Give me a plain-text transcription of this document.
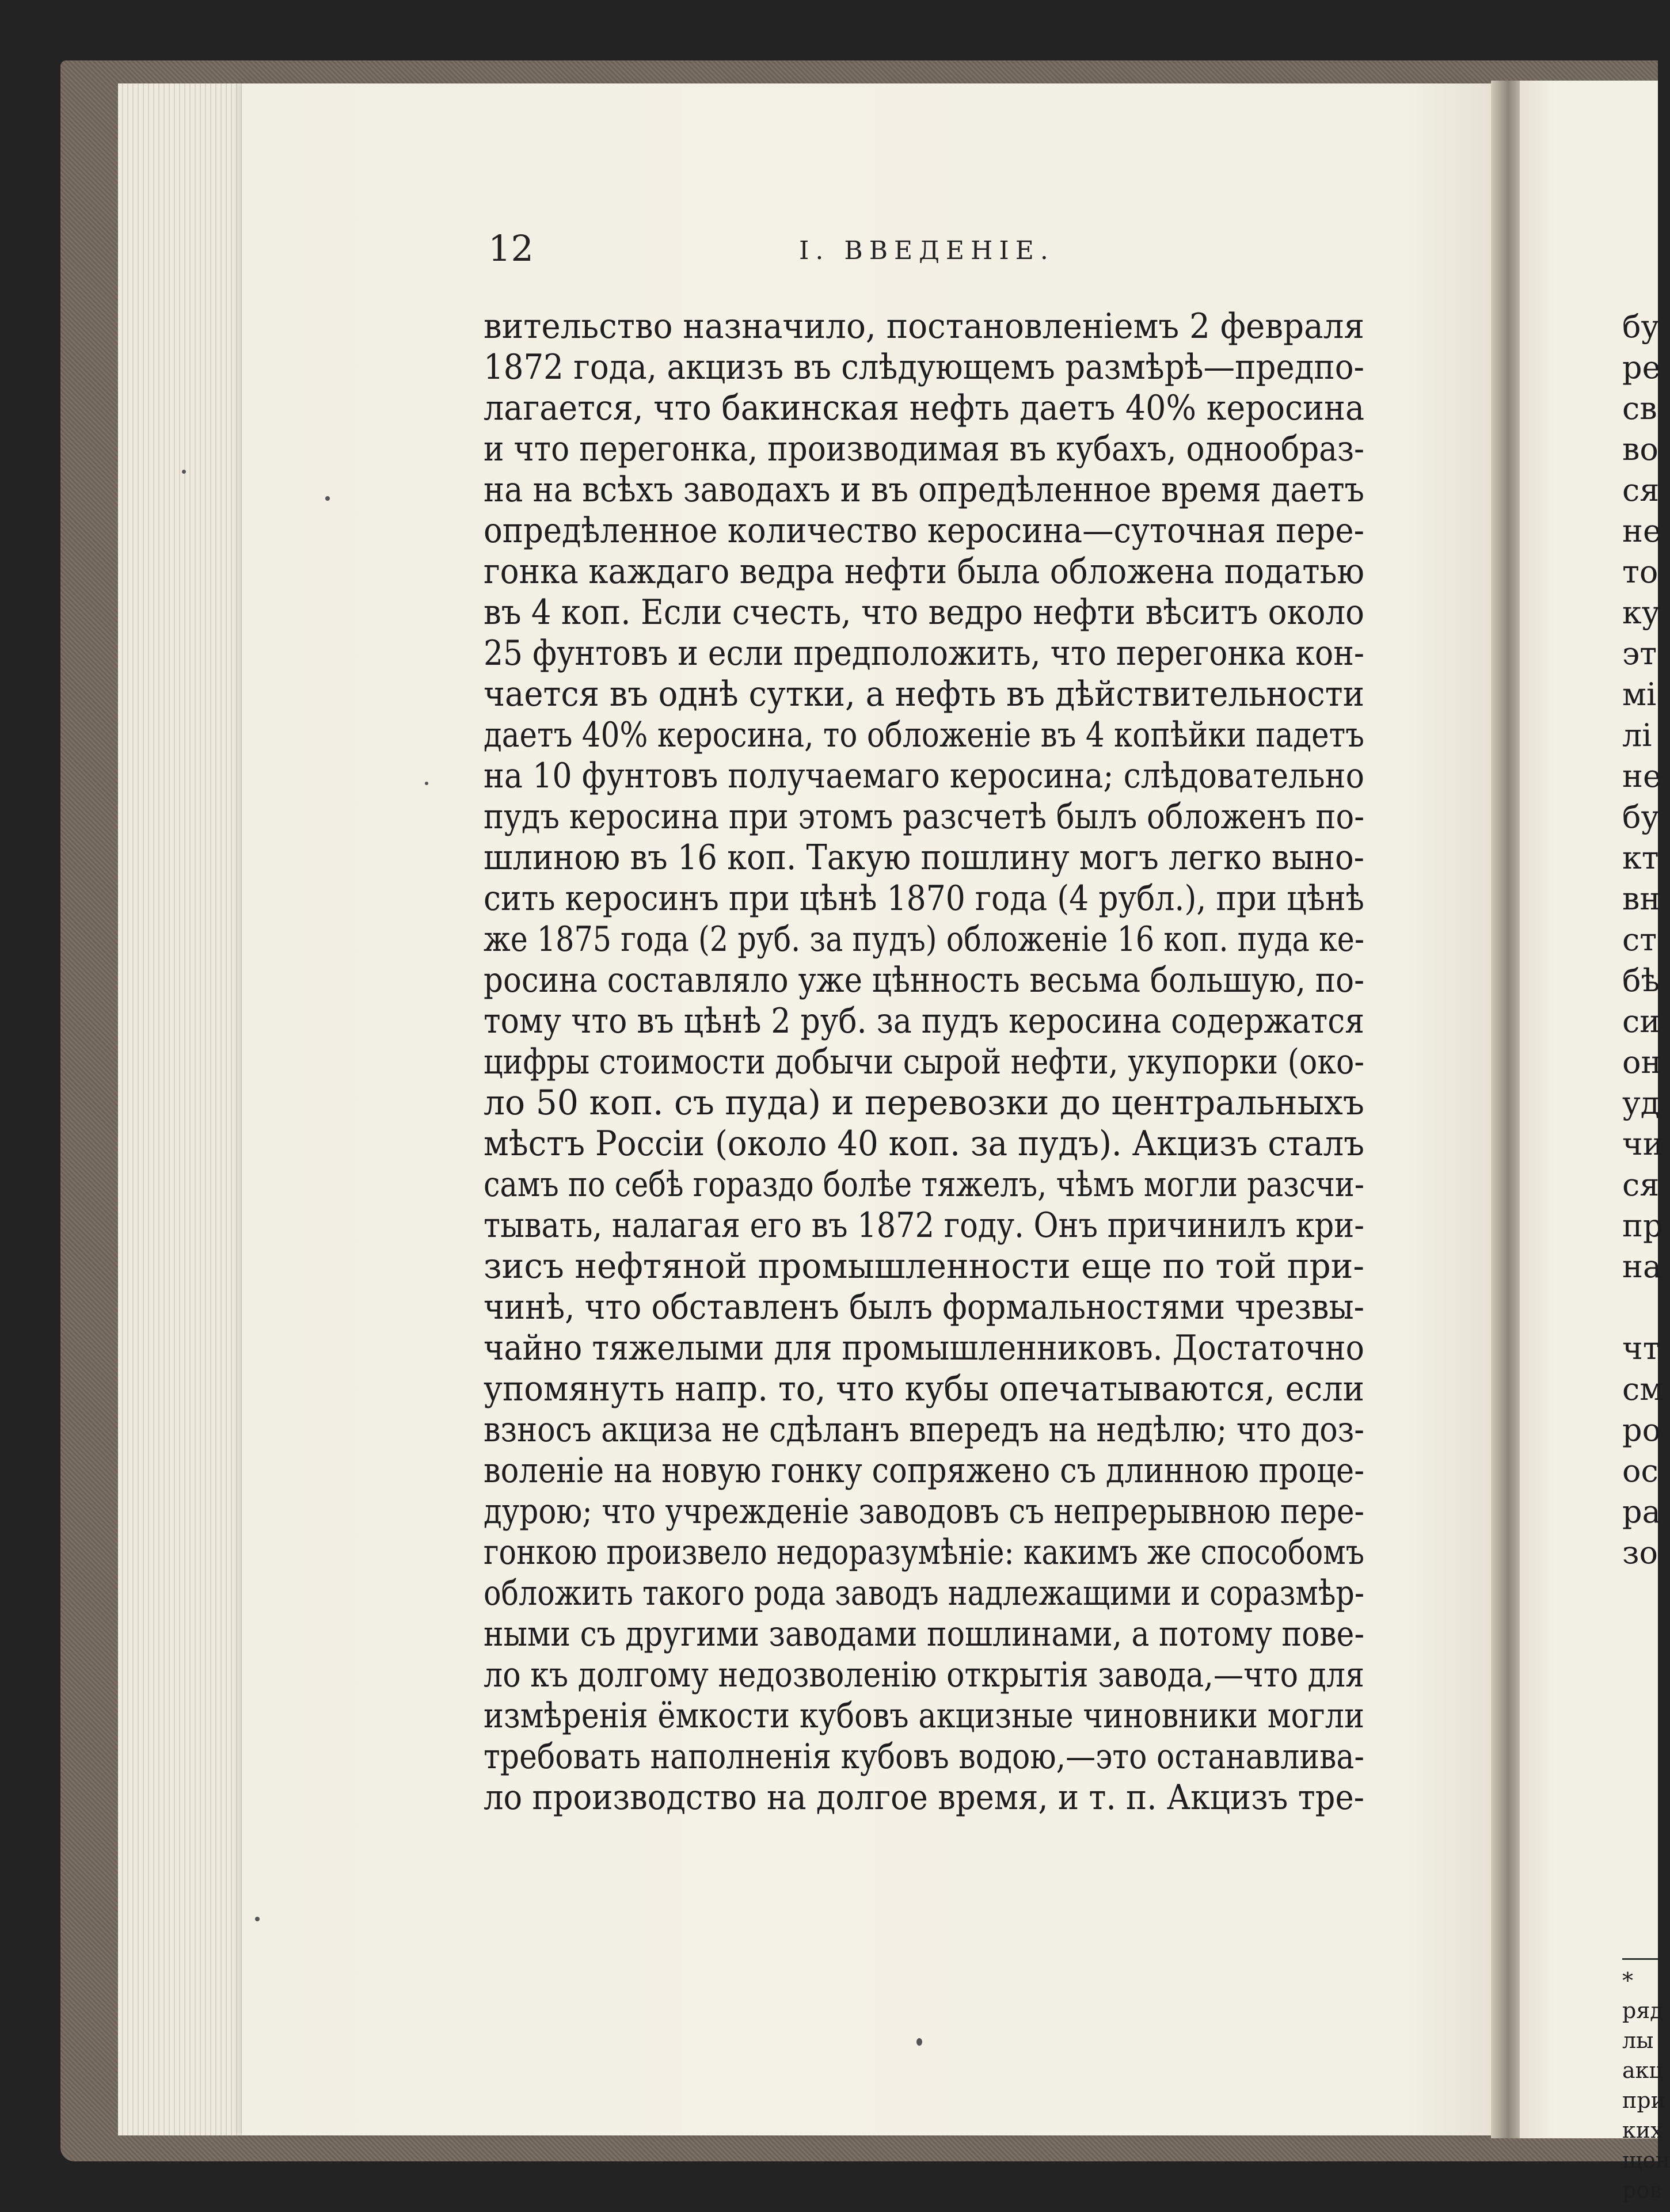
12	I. ВВЕДЕНІЕ.
вительство назначило, постановленіемъ 2 февраля
1872 года, акцизъ въ слѣдующемъ размѣрѣ—предпо-
лагается, что бакинская нефть даетъ 40% керосина
и что перегонка, производимая въ кубахъ, однообраз-
на на всѣхъ заводахъ и въ опредѣленное время даетъ
опредѣленное количество керосина—суточная пере-
гонка каждаго ведра нефти была обложена податью
въ 4 коп. Если счесть, что ведро нефти вѣситъ около
25 фунтовъ и если предположить, что перегонка кон-
чается въ однѣ сутки, а нефть въ дѣйствительности
даетъ 40% керосина, то обложеніе въ 4 копѣйки падетъ
на 10 фунтовъ получаемаго керосина; слѣдовательно
пудъ керосина при этомъ разсчетѣ былъ обложенъ по-
шлиною въ 16 коп. Такую пошлину могъ легко выно-
сить керосинъ при цѣнѣ 1870 года (4 рубл.), при цѣнѣ
же 1875 года (2 руб. за пудъ) обложеніе 16 коп. пуда ке-
росина составляло уже цѣнность весьма большую, по-
тому что въ цѣнѣ 2 руб. за пудъ керосина содержатся
цифры стоимости добычи сырой нефти, укупорки (око-
ло 50 коп. съ пуда) и перевозки до центральныхъ
мѣстъ Россіи (около 40 коп. за пудъ). Акцизъ сталъ
самъ по себѣ гораздо болѣе тяжелъ, чѣмъ могли разсчи-
тывать, налагая его въ 1872 году. Онъ причинилъ кри-
зисъ нефтяной промышленности еще по той при-
чинѣ, что обставленъ былъ формальностями чрезвы-
чайно тяжелыми для промышленниковъ. Достаточно
упомянуть напр. то, что кубы опечатываются, если
взносъ акциза не сдѣланъ впередъ на недѣлю; что доз-
воленіе на новую гонку сопряжено съ длинною проце-
дурою; что учрежденіе заводовъ съ непрерывною пере-
гонкою произвело недоразумѣніе: какимъ же способомъ
обложить такого рода заводъ надлежащими и соразмѣр-
ными съ другими заводами пошлинами, а потому пове-
ло къ долгому недозволенію открытія завода,—что для
измѣренія ёмкости кубовъ акцизные чиновники могли
требовать наполненія кубовъ водою,—это останавлива-
ло производство на долгое время, и т. п. Акцизъ тре-
бу
ре
св
во
ся
не
то
ку
эт
мі
лі
не
бу
кт
вн
ст
бѣ
си
он
уд
чи
ся
пр
на
чт
см
ро
ос
ра
зо
*
ряд
лы
акц
при
ких
щен
ров
